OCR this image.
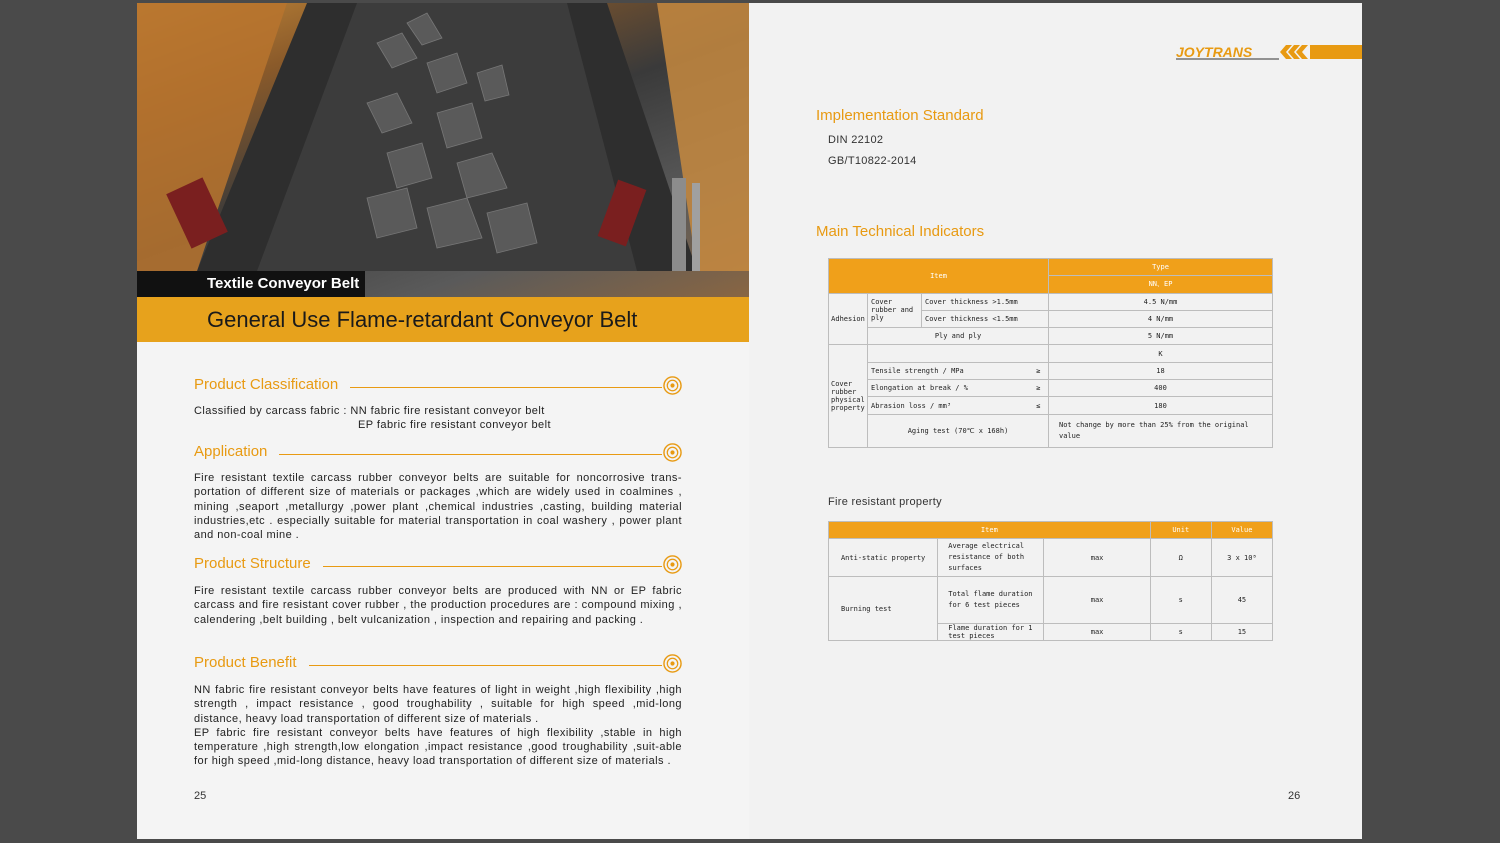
Textile Conveyor Belt
General Use Flame-retardant Conveyor Belt
Product Classification
Classified by carcass fabric : NN fabric fire resistant conveyor belt
EP fabric fire resistant conveyor belt
Application
Fire resistant textile carcass rubber conveyor belts are suitable for noncorrosive trans-portation of different size of materials or packages ,which are widely used in coalmines , mining ,seaport ,metallurgy ,power plant ,chemical industries ,casting, building material industries,etc . especially suitable for material transportation in coal washery , power plant and non-coal mine .
Product Structure
Fire resistant textile carcass rubber conveyor belts are produced with NN or EP fabric carcass and fire resistant cover rubber , the production procedures are : compound mixing , calendering ,belt building , belt vulcanization , inspection and repairing and packing .
Product Benefit
NN fabric fire resistant conveyor belts have features of light in weight ,high flexibility ,high strength , impact resistance , good troughability , suitable for high speed ,mid-long distance, heavy load transportation of different size of materials .
EP fabric fire resistant conveyor belts have features of high flexibility ,stable in high temperature ,high strength,low elongation ,impact resistance ,good troughability ,suit-able for high speed ,mid-long distance, heavy load transportation of different size of materials .
25
JOYTRANS
Implementation Standard
DIN 22102
GB/T10822-2014
Main Technical Indicators
Item				Type
				NN、EP
Adhesion	Cover rubber and ply	Cover thickness >1.5mm		4.5 N/mm
		Cover thickness <1.5mm		4 N/mm
	Ply and ply			5 N/mm
Cover rubber physical property				K
	Tensile strength / MPa		≥	18
	Elongation at break / %		≥	400
	Abrasion loss / mm³		≤	180
	Aging test (70℃ x 168h)			Not change by more than 25% from the original value
Fire resistant property
Item			Unit	Value
Anti-static property	Average electrical resistance of both surfaces	max	Ω	3 x 10⁸
Burning test	Total flame duration for 6 test pieces	max	s	45
	Flame duration for 1 test pieces	max	s	15
26
